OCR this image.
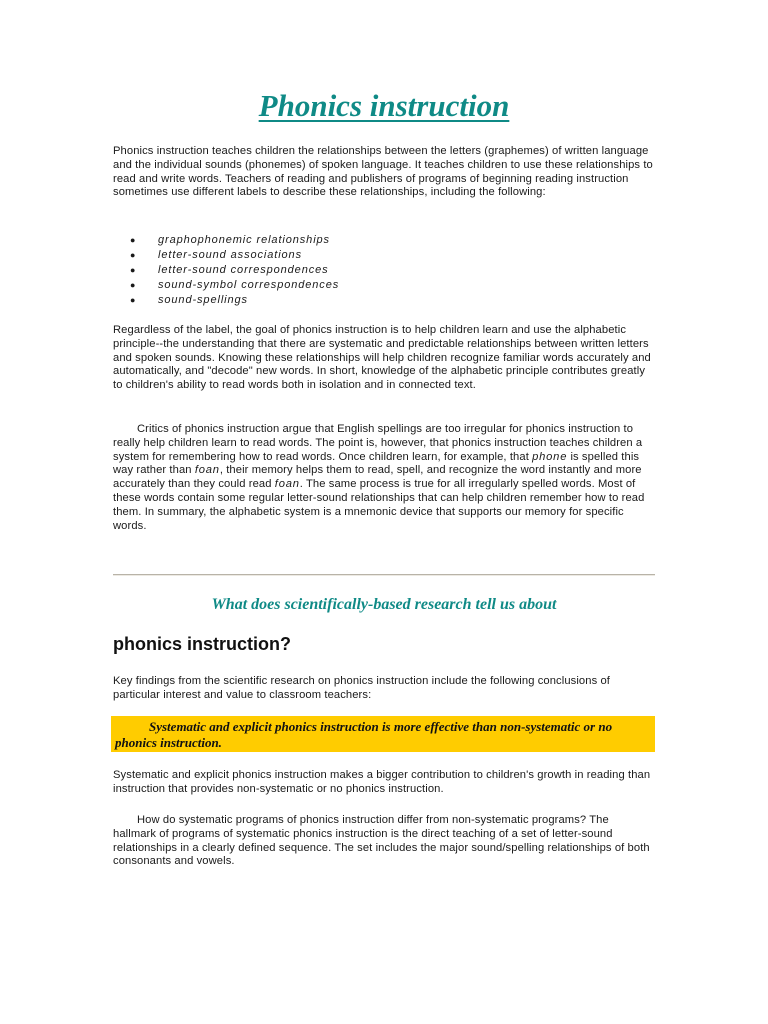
Phonics instruction

Phonics instruction teaches children the relationships between the letters (graphemes) of written language and the individual sounds (phonemes) of spoken language. It teaches children to use these relationships to read and write words. Teachers of reading and publishers of programs of beginning reading instruction sometimes use different labels to describe these relationships, including the following:

● graphophonemic relationships
● letter-sound associations
● letter-sound correspondences
● sound-symbol correspondences
● sound-spellings

Regardless of the label, the goal of phonics instruction is to help children learn and use the alphabetic principle--the understanding that there are systematic and predictable relationships between written letters and spoken sounds. Knowing these relationships will help children recognize familiar words accurately and automatically, and "decode" new words. In short, knowledge of the alphabetic principle contributes greatly to children's ability to read words both in isolation and in connected text.

Critics of phonics instruction argue that English spellings are too irregular for phonics instruction to really help children learn to read words. The point is, however, that phonics instruction teaches children a system for remembering how to read words. Once children learn, for example, that phone is spelled this way rather than foan, their memory helps them to read, spell, and recognize the word instantly and more accurately than they could read foan. The same process is true for all irregularly spelled words. Most of these words contain some regular letter-sound relationships that can help children remember how to read them. In summary, the alphabetic system is a mnemonic device that supports our memory for specific words.

What does scientifically-based research tell us about
phonics instruction?

Key findings from the scientific research on phonics instruction include the following conclusions of particular interest and value to classroom teachers:

Systematic and explicit phonics instruction is more effective than non-systematic or no phonics instruction.

Systematic and explicit phonics instruction makes a bigger contribution to children's growth in reading than instruction that provides non-systematic or no phonics instruction.

How do systematic programs of phonics instruction differ from non-systematic programs? The hallmark of programs of systematic phonics instruction is the direct teaching of a set of letter-sound relationships in a clearly defined sequence. The set includes the major sound/spelling relationships of both consonants and vowels.
